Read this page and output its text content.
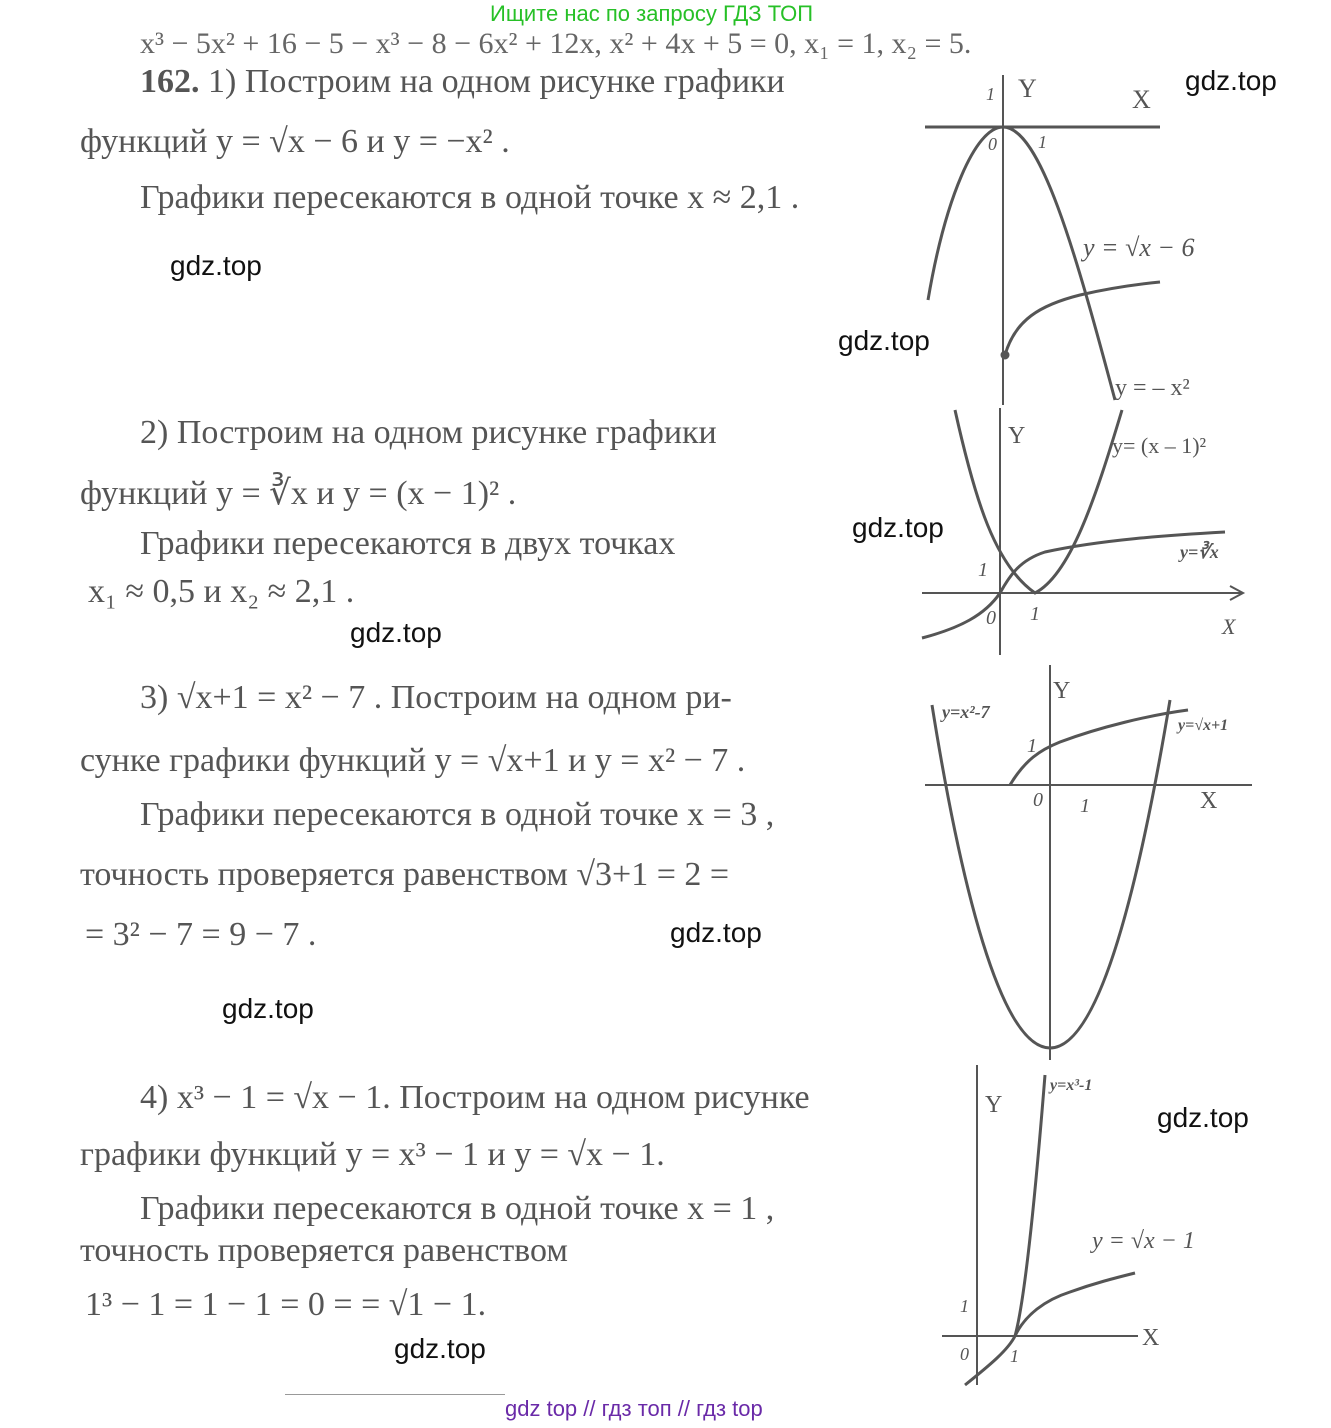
Ищите нас по запросу ГДЗ ТОП
x³ − 5x² + 16 − 5 − x³ − 8 − 6x² + 12x, x² + 4x + 5 = 0, x₁ = 1, x₂ = 5.
162. 1) Построим на одном рисунке графики
функций y = √x − 6 и y = −x² .
Графики пересекаются в одной точке x ≈ 2,1 .
2) Построим на одном рисунке графики
функций y = ∛x и y = (x − 1)² .
Графики пересекаются в двух точках
x₁ ≈ 0,5 и x₂ ≈ 2,1 .
3) √x+1 = x² − 7 . Построим на одном ри-
сунке графики функций y = √x+1 и y = x² − 7 .
Графики пересекаются в одной точке x = 3 ,
точность проверяется равенством √3+1 = 2 =
= 3² − 7 = 9 − 7 .
4) x³ − 1 = √x − 1. Построим на одном рисунке
графики функций y = x³ − 1 и y = √x − 1.
Графики пересекаются в одной точке x = 1 ,
точность проверяется равенством
1³ − 1 = 1 − 1 = 0 = = √1 − 1.
Y	X
1
0 1
y = √x − 6
y = – x²
Y
X
1
0 1
y= (x – 1)²
y=∛x
Y
X
1
0 1
y=x²-7
y=√x+1
Y
X
1
0 1
y=x³-1
y = √x − 1
gdz.top
gdz.top
gdz.top
gdz.top
gdz.top
gdz.top
gdz.top
gdz.top
gdz.top
gdz top // гдз топ // гдз top
